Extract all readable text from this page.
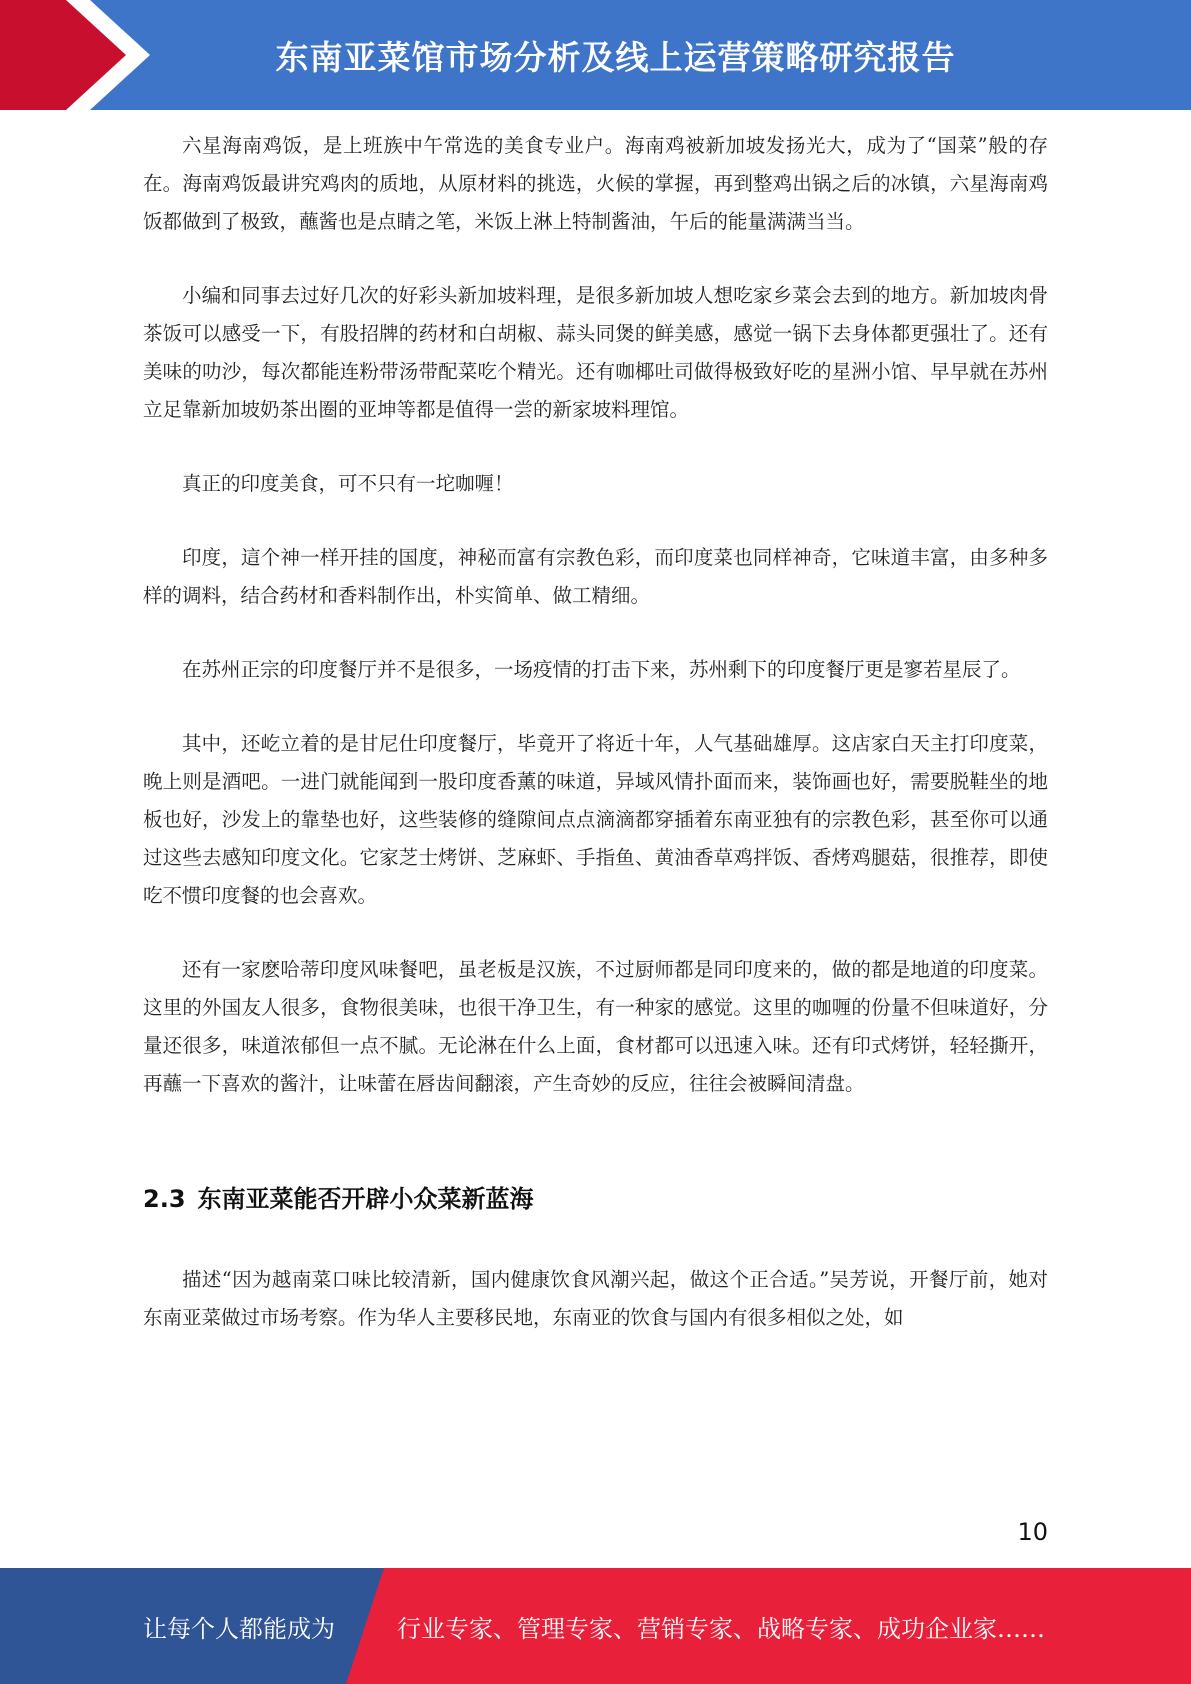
东南亚菜馆市场分析及线上运营策略研究报告

六星海南鸡饭，是上班族中午常选的美食专业户。海南鸡被新加坡发扬光大，成为了“国菜”般的存在。海南鸡饭最讲究鸡肉的质地，从原材料的挑选，火候的掌握，再到整鸡出锅之后的冰镇，六星海南鸡饭都做到了极致，蘸酱也是点睛之笔，米饭上淋上特制酱油，午后的能量满满当当。

小编和同事去过好几次的好彩头新加坡料理，是很多新加坡人想吃家乡菜会去到的地方。新加坡肉骨茶饭可以感受一下，有股招牌的药材和白胡椒、蒜头同煲的鲜美感，感觉一锅下去身体都更强壮了。还有美味的叻沙，每次都能连粉带汤带配菜吃个精光。还有咖椰吐司做得极致好吃的星洲小馆、早早就在苏州立足靠新加坡奶茶出圈的亚坤等都是值得一尝的新家坡料理馆。

真正的印度美食，可不只有一坨咖喱！

印度，這个神一样开挂的国度，神秘而富有宗教色彩，而印度菜也同样神奇，它味道丰富，由多种多样的调料，结合药材和香料制作出，朴实简单、做工精细。

在苏州正宗的印度餐厅并不是很多，一场疫情的打击下来，苏州剩下的印度餐厅更是寥若星辰了。

其中，还屹立着的是甘尼仕印度餐厅，毕竟开了将近十年，人气基础雄厚。这店家白天主打印度菜，晚上则是酒吧。一进门就能闻到一股印度香薰的味道，异域风情扑面而来，装饰画也好，需要脱鞋坐的地板也好，沙发上的靠垫也好，这些装修的缝隙间点点滴滴都穿插着东南亚独有的宗教色彩，甚至你可以通过这些去感知印度文化。它家芝士烤饼、芝麻虾、手指鱼、黄油香草鸡拌饭、香烤鸡腿菇，很推荐，即使吃不惯印度餐的也会喜欢。

还有一家麽哈蒂印度风味餐吧，虽老板是汉族，不过厨师都是同印度来的，做的都是地道的印度菜。这里的外国友人很多，食物很美味，也很干净卫生，有一种家的感觉。这里的咖喱的份量不但味道好，分量还很多，味道浓郁但一点不腻。无论淋在什么上面，食材都可以迅速入味。还有印式烤饼，轻轻撕开，再蘸一下喜欢的酱汁，让味蕾在唇齿间翻滚，产生奇妙的反应，往往会被瞬间清盘。

2.3 东南亚菜能否开辟小众菜新蓝海

描述“因为越南菜口味比较清新，国内健康饮食风潮兴起，做这个正合适。”吴芳说，开餐厅前，她对东南亚菜做过市场考察。作为华人主要移民地，东南亚的饮食与国内有很多相似之处，如

10
让每个人都能成为	行业专家、管理专家、营销专家、战略专家、成功企业家……
